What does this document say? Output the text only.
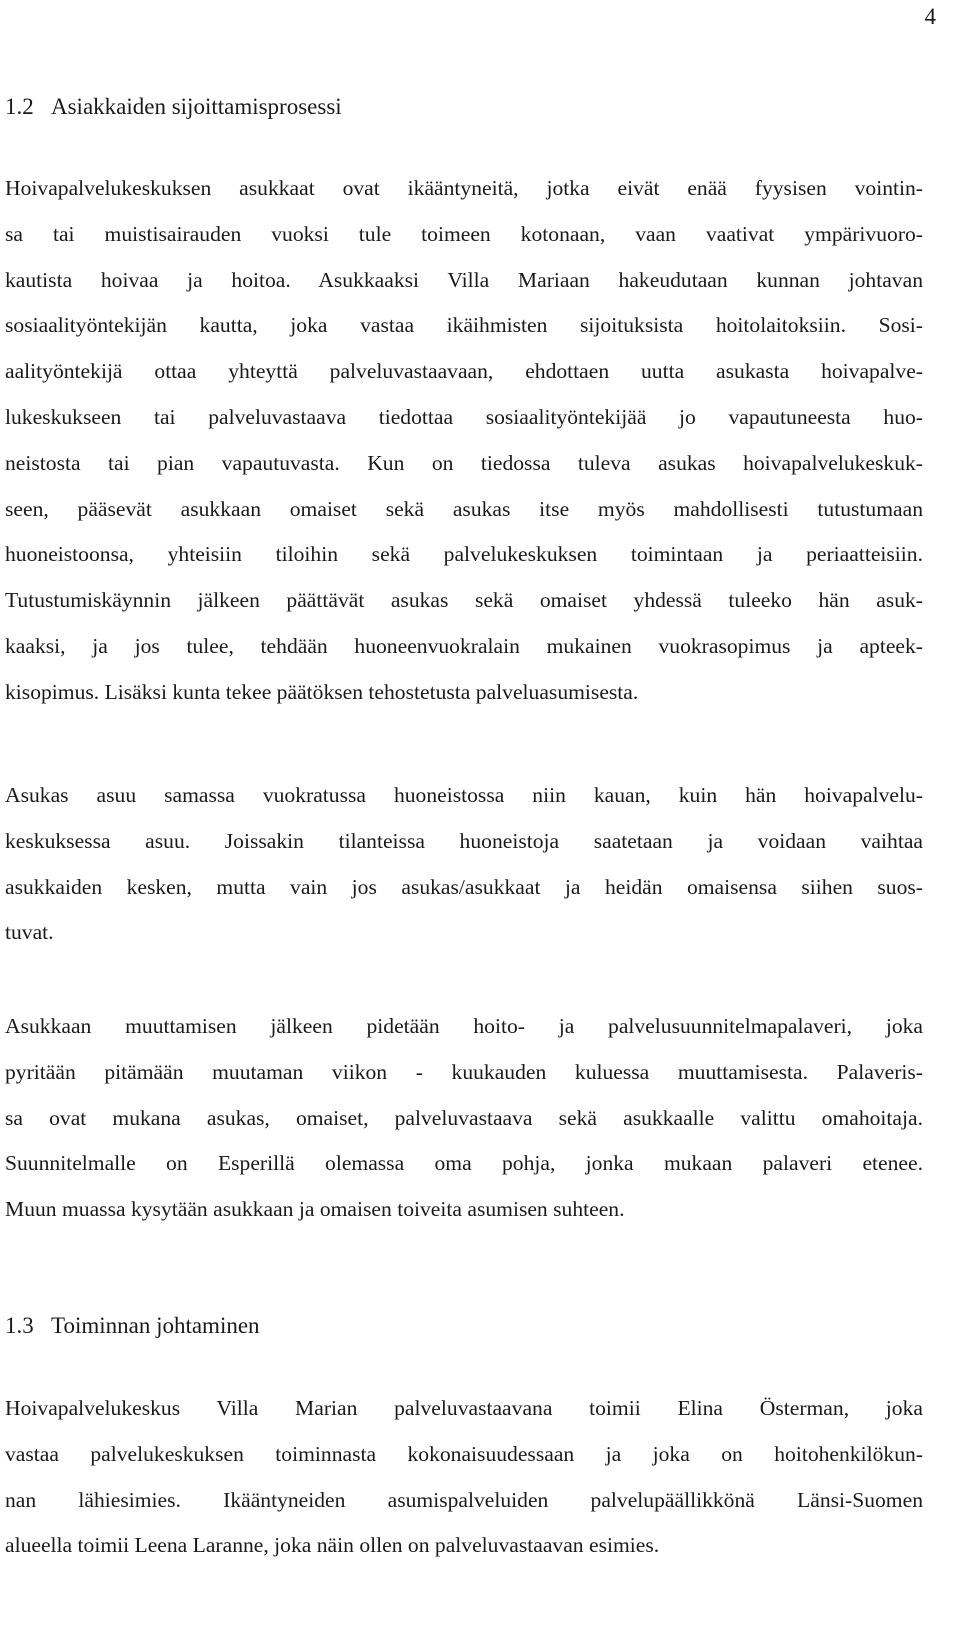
4
1.2 Asiakkaiden sijoittamisprosessi
Hoivapalvelukeskuksen asukkaat ovat ikääntyneitä, jotka eivät enää fyysisen vointin-
sa tai muistisairauden vuoksi tule toimeen kotonaan, vaan vaativat ympärivuoro-
kautista hoivaa ja hoitoa. Asukkaaksi Villa Mariaan hakeudutaan kunnan johtavan
sosiaalityöntekijän kautta, joka vastaa ikäihmisten sijoituksista hoitolaitoksiin. Sosi-
aalityöntekijä ottaa yhteyttä palveluvastaavaan, ehdottaen uutta asukasta hoivapalve-
lukeskukseen tai palveluvastaava tiedottaa sosiaalityöntekijää jo vapautuneesta huo-
neistosta tai pian vapautuvasta. Kun on tiedossa tuleva asukas hoivapalvelukeskuk-
seen, pääsevät asukkaan omaiset sekä asukas itse myös mahdollisesti tutustumaan
huoneistoonsa, yhteisiin tiloihin sekä palvelukeskuksen toimintaan ja periaatteisiin.
Tutustumiskäynnin jälkeen päättävät asukas sekä omaiset yhdessä tuleeko hän asuk-
kaaksi, ja jos tulee, tehdään huoneenvuokralain mukainen vuokrasopimus ja apteek-
kisopimus. Lisäksi kunta tekee päätöksen tehostetusta palveluasumisesta.
Asukas asuu samassa vuokratussa huoneistossa niin kauan, kuin hän hoivapalvelu-
keskuksessa asuu. Joissakin tilanteissa huoneistoja saatetaan ja voidaan vaihtaa
asukkaiden kesken, mutta vain jos asukas/asukkaat ja heidän omaisensa siihen suos-
tuvat.
Asukkaan muuttamisen jälkeen pidetään hoito- ja palvelusuunnitelmapalaveri, joka
pyritään pitämään muutaman viikon - kuukauden kuluessa muuttamisesta. Palaveris-
sa ovat mukana asukas, omaiset, palveluvastaava sekä asukkaalle valittu omahoitaja.
Suunnitelmalle on Esperillä olemassa oma pohja, jonka mukaan palaveri etenee.
Muun muassa kysytään asukkaan ja omaisen toiveita asumisen suhteen.
1.3 Toiminnan johtaminen
Hoivapalvelukeskus Villa Marian palveluvastaavana toimii Elina Österman, joka
vastaa palvelukeskuksen toiminnasta kokonaisuudessaan ja joka on hoitohenkilökun-
nan lähiesimies. Ikääntyneiden asumispalveluiden palvelupäällikkönä Länsi-Suomen
alueella toimii Leena Laranne, joka näin ollen on palveluvastaavan esimies.
